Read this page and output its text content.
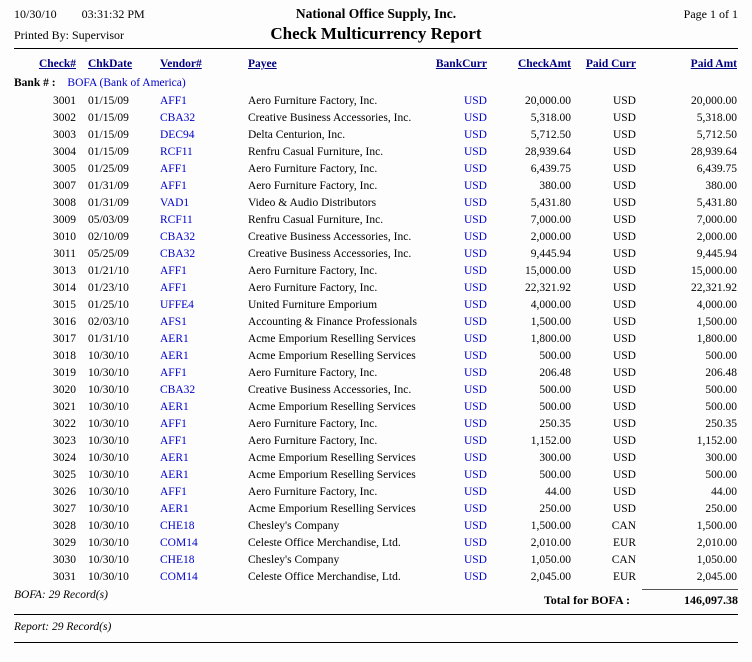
10/30/10 03:31:32 PM	National Office Supply, Inc.	Page 1 of 1
Printed By: Supervisor	Check Multicurrency Report
Check#	ChkDate	Vendor#	Payee	BankCurr	CheckAmt	Paid Curr	Paid Amt
Bank # : BOFA (Bank of America)							
3001	01/15/09	AFF1	Aero Furniture Factory, Inc.	USD	20,000.00	USD	20,000.00
3002	01/15/09	CBA32	Creative Business Accessories, Inc.	USD	5,318.00	USD	5,318.00
3003	01/15/09	DEC94	Delta Centurion, Inc.	USD	5,712.50	USD	5,712.50
3004	01/15/09	RCF11	Renfru Casual Furniture, Inc.	USD	28,939.64	USD	28,939.64
3005	01/25/09	AFF1	Aero Furniture Factory, Inc.	USD	6,439.75	USD	6,439.75
3007	01/31/09	AFF1	Aero Furniture Factory, Inc.	USD	380.00	USD	380.00
3008	01/31/09	VAD1	Video & Audio Distributors	USD	5,431.80	USD	5,431.80
3009	05/03/09	RCF11	Renfru Casual Furniture, Inc.	USD	7,000.00	USD	7,000.00
3010	02/10/09	CBA32	Creative Business Accessories, Inc.	USD	2,000.00	USD	2,000.00
3011	05/25/09	CBA32	Creative Business Accessories, Inc.	USD	9,445.94	USD	9,445.94
3013	01/21/10	AFF1	Aero Furniture Factory, Inc.	USD	15,000.00	USD	15,000.00
3014	01/23/10	AFF1	Aero Furniture Factory, Inc.	USD	22,321.92	USD	22,321.92
3015	01/25/10	UFFE4	United Furniture Emporium	USD	4,000.00	USD	4,000.00
3016	02/03/10	AFS1	Accounting & Finance Professionals	USD	1,500.00	USD	1,500.00
3017	01/31/10	AER1	Acme Emporium Reselling Services	USD	1,800.00	USD	1,800.00
3018	10/30/10	AER1	Acme Emporium Reselling Services	USD	500.00	USD	500.00
3019	10/30/10	AFF1	Aero Furniture Factory, Inc.	USD	206.48	USD	206.48
3020	10/30/10	CBA32	Creative Business Accessories, Inc.	USD	500.00	USD	500.00
3021	10/30/10	AER1	Acme Emporium Reselling Services	USD	500.00	USD	500.00
3022	10/30/10	AFF1	Aero Furniture Factory, Inc.	USD	250.35	USD	250.35
3023	10/30/10	AFF1	Aero Furniture Factory, Inc.	USD	1,152.00	USD	1,152.00
3024	10/30/10	AER1	Acme Emporium Reselling Services	USD	300.00	USD	300.00
3025	10/30/10	AER1	Acme Emporium Reselling Services	USD	500.00	USD	500.00
3026	10/30/10	AFF1	Aero Furniture Factory, Inc.	USD	44.00	USD	44.00
3027	10/30/10	AER1	Acme Emporium Reselling Services	USD	250.00	USD	250.00
3028	10/30/10	CHE18	Chesley's Company	USD	1,500.00	CAN	1,500.00
3029	10/30/10	COM14	Celeste Office Merchandise, Ltd.	USD	2,010.00	EUR	2,010.00
3030	10/30/10	CHE18	Chesley's Company	USD	1,050.00	CAN	1,050.00
3031	10/30/10	COM14	Celeste Office Merchandise, Ltd.	USD	2,045.00	EUR	2,045.00
BOFA: 29 Record(s)	Total for BOFA :	146,097.38
Report: 29 Record(s)
